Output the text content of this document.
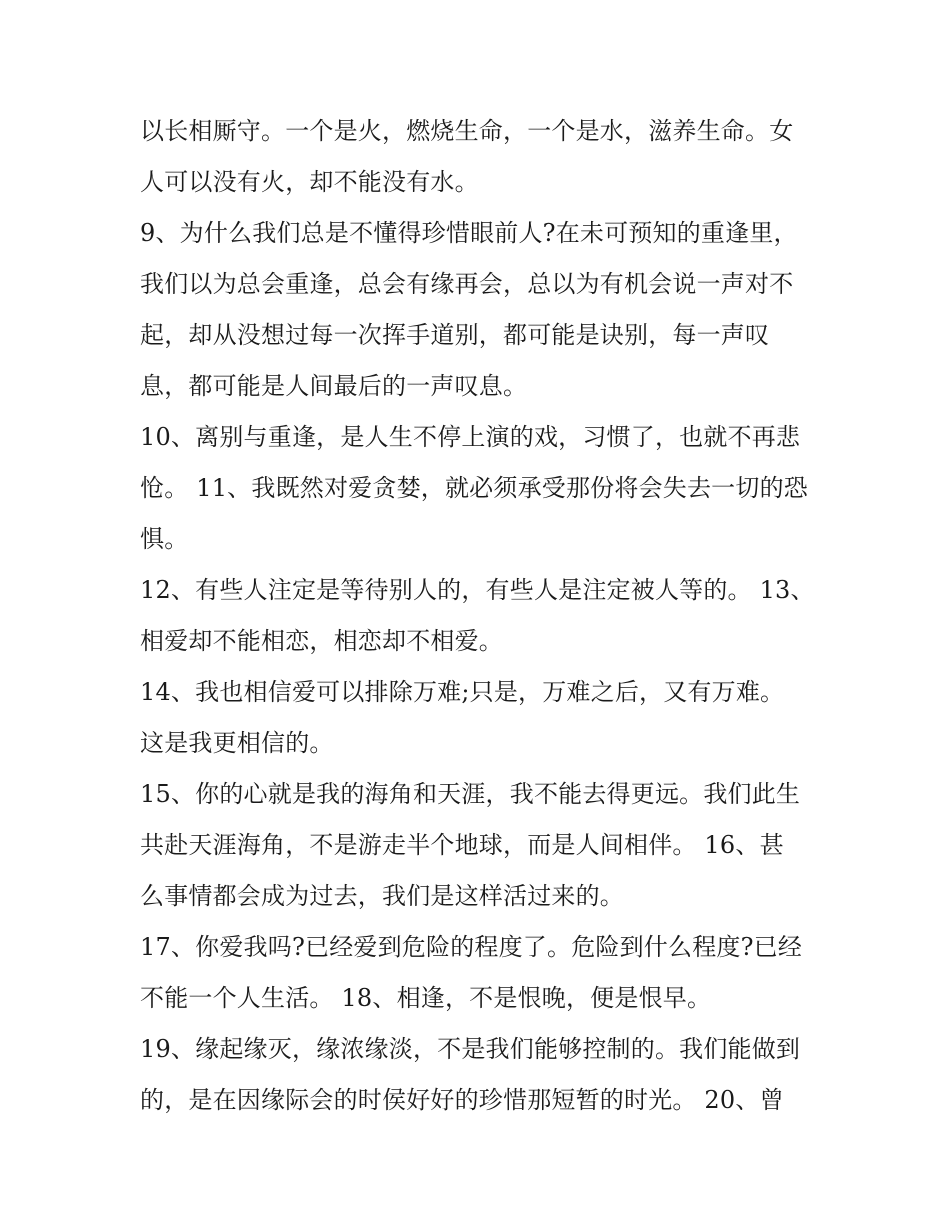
以长相厮守。一个是火，燃烧生命，一个是水，滋养生命。女
人可以没有火，却不能没有水。
9、为什么我们总是不懂得珍惜眼前人?在未可预知的重逢里，
我们以为总会重逢，总会有缘再会，总以为有机会说一声对不
起，却从没想过每一次挥手道别，都可能是诀别，每一声叹
息，都可能是人间最后的一声叹息。
10、离别与重逢，是人生不停上演的戏，习惯了，也就不再悲
怆。 11、我既然对爱贪婪，就必须承受那份将会失去一切的恐
惧。
12、有些人注定是等待别人的，有些人是注定被人等的。 13、
相爱却不能相恋，相恋却不相爱。
14、我也相信爱可以排除万难;只是，万难之后，又有万难。
这是我更相信的。
15、你的心就是我的海角和天涯，我不能去得更远。我们此生
共赴天涯海角，不是游走半个地球，而是人间相伴。 16、甚
么事情都会成为过去，我们是这样活过来的。
17、你爱我吗?已经爱到危险的程度了。危险到什么程度?已经
不能一个人生活。 18、相逢，不是恨晚，便是恨早。
19、缘起缘灭，缘浓缘淡，不是我们能够控制的。我们能做到
的，是在因缘际会的时侯好好的珍惜那短暂的时光。 20、曾
